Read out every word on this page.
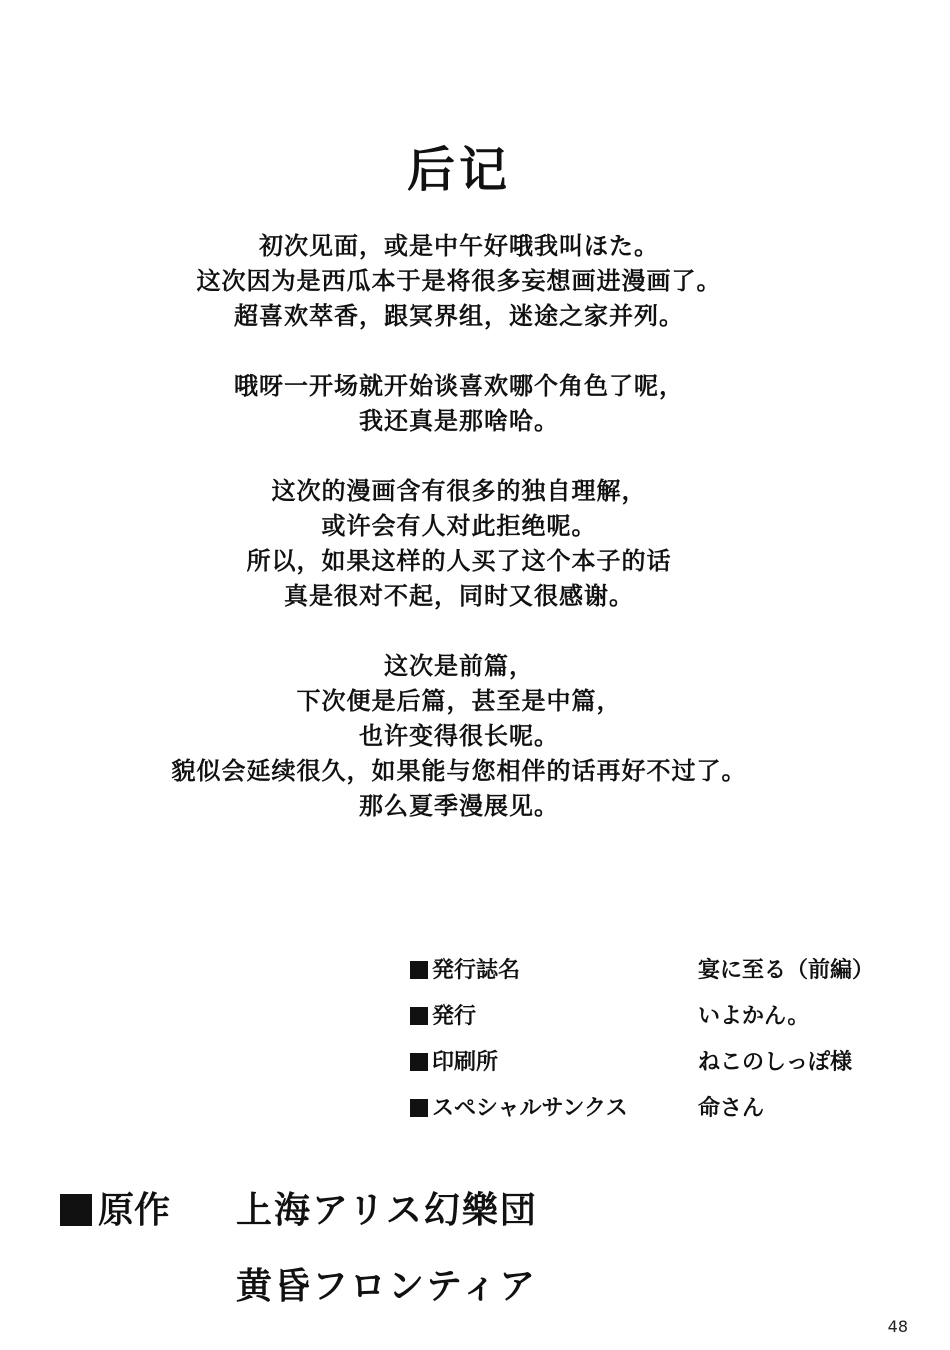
后记
初次见面，或是中午好哦我叫ほた。
这次因为是西瓜本于是将很多妄想画进漫画了。
超喜欢萃香，跟冥界组，迷途之家并列。
哦呀一开场就开始谈喜欢哪个角色了呢，
我还真是那啥哈。
这次的漫画含有很多的独自理解，
或许会有人对此拒绝呢。
所以，如果这样的人买了这个本子的话
真是很对不起，同时又很感谢。
这次是前篇，
下次便是后篇，甚至是中篇，
也许变得很长呢。
貌似会延续很久，如果能与您相伴的话再好不过了。
那么夏季漫展见。
発行誌名	宴に至る（前編）
発行	いよかん。
印刷所	ねこのしっぽ様
スペシャルサンクス	命さん
原作 上海アリス幻樂団
黄昏フロンティア
48
